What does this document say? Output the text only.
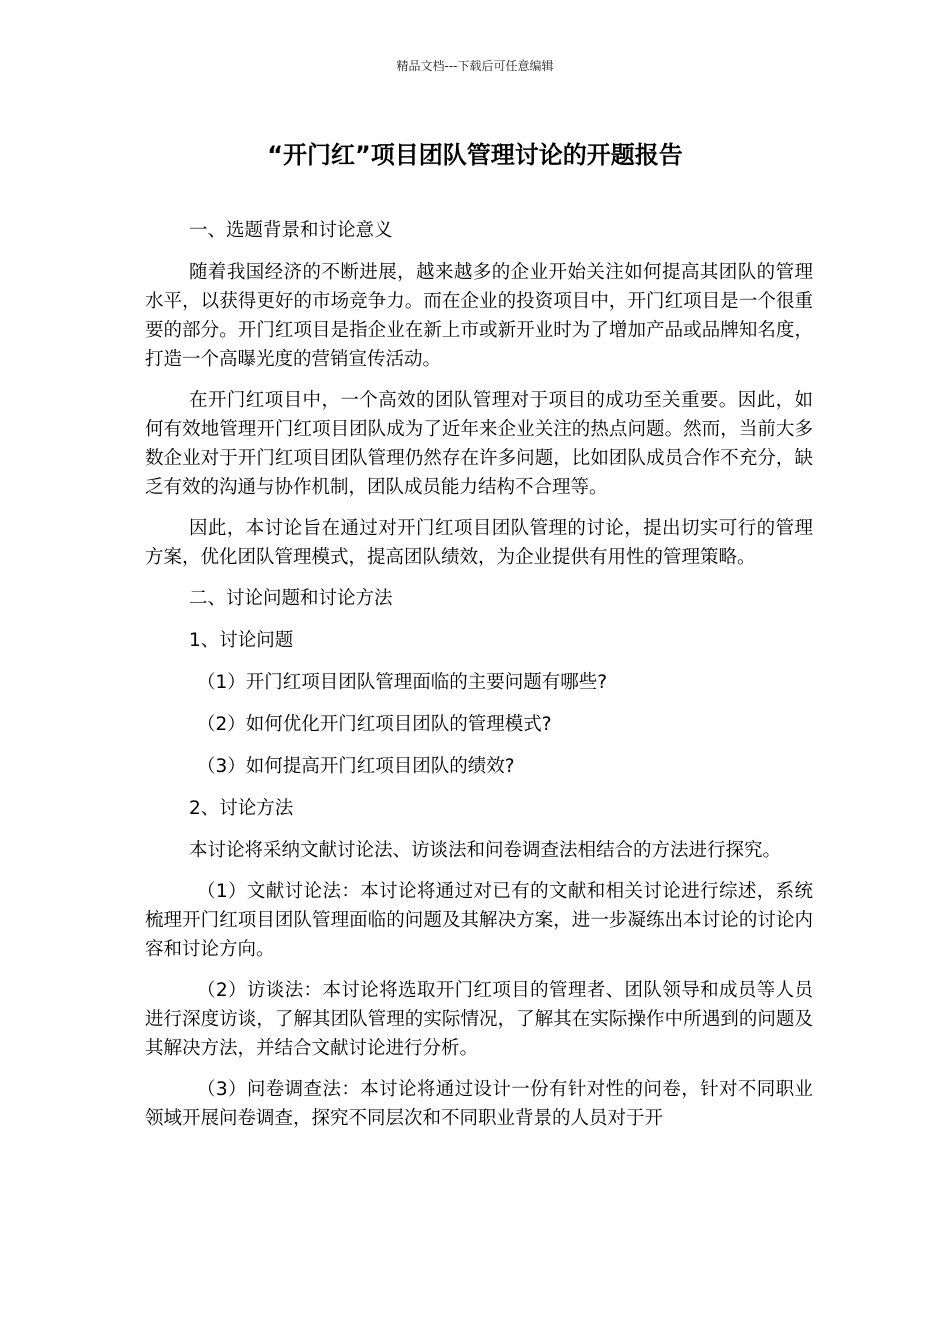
精品文档---下载后可任意编辑
“开门红”项目团队管理讨论的开题报告
一、选题背景和讨论意义

随着我国经济的不断进展，越来越多的企业开始关注如何提高其团队的管理水平，以获得更好的市场竞争力。而在企业的投资项目中，开门红项目是一个很重要的部分。开门红项目是指企业在新上市或新开业时为了增加产品或品牌知名度，打造一个高曝光度的营销宣传活动。

在开门红项目中，一个高效的团队管理对于项目的成功至关重要。因此，如何有效地管理开门红项目团队成为了近年来企业关注的热点问题。然而，当前大多数企业对于开门红项目团队管理仍然存在许多问题，比如团队成员合作不充分，缺乏有效的沟通与协作机制，团队成员能力结构不合理等。

因此，本讨论旨在通过对开门红项目团队管理的讨论，提出切实可行的管理方案，优化团队管理模式，提高团队绩效，为企业提供有用性的管理策略。

二、讨论问题和讨论方法
1、讨论问题
（1）开门红项目团队管理面临的主要问题有哪些?
（2）如何优化开门红项目团队的管理模式?
（3）如何提高开门红项目团队的绩效?
2、讨论方法

本讨论将采纳文献讨论法、访谈法和问卷调查法相结合的方法进行探究。

（1）文献讨论法：本讨论将通过对已有的文献和相关讨论进行综述，系统梳理开门红项目团队管理面临的问题及其解决方案，进一步凝练出本讨论的讨论内容和讨论方向。

（2）访谈法：本讨论将选取开门红项目的管理者、团队领导和成员等人员进行深度访谈，了解其团队管理的实际情况，了解其在实际操作中所遇到的问题及其解决方法，并结合文献讨论进行分析。

（3）问卷调查法：本讨论将通过设计一份有针对性的问卷，针对不同职业领域开展问卷调查，探究不同层次和不同职业背景的人员对于开
